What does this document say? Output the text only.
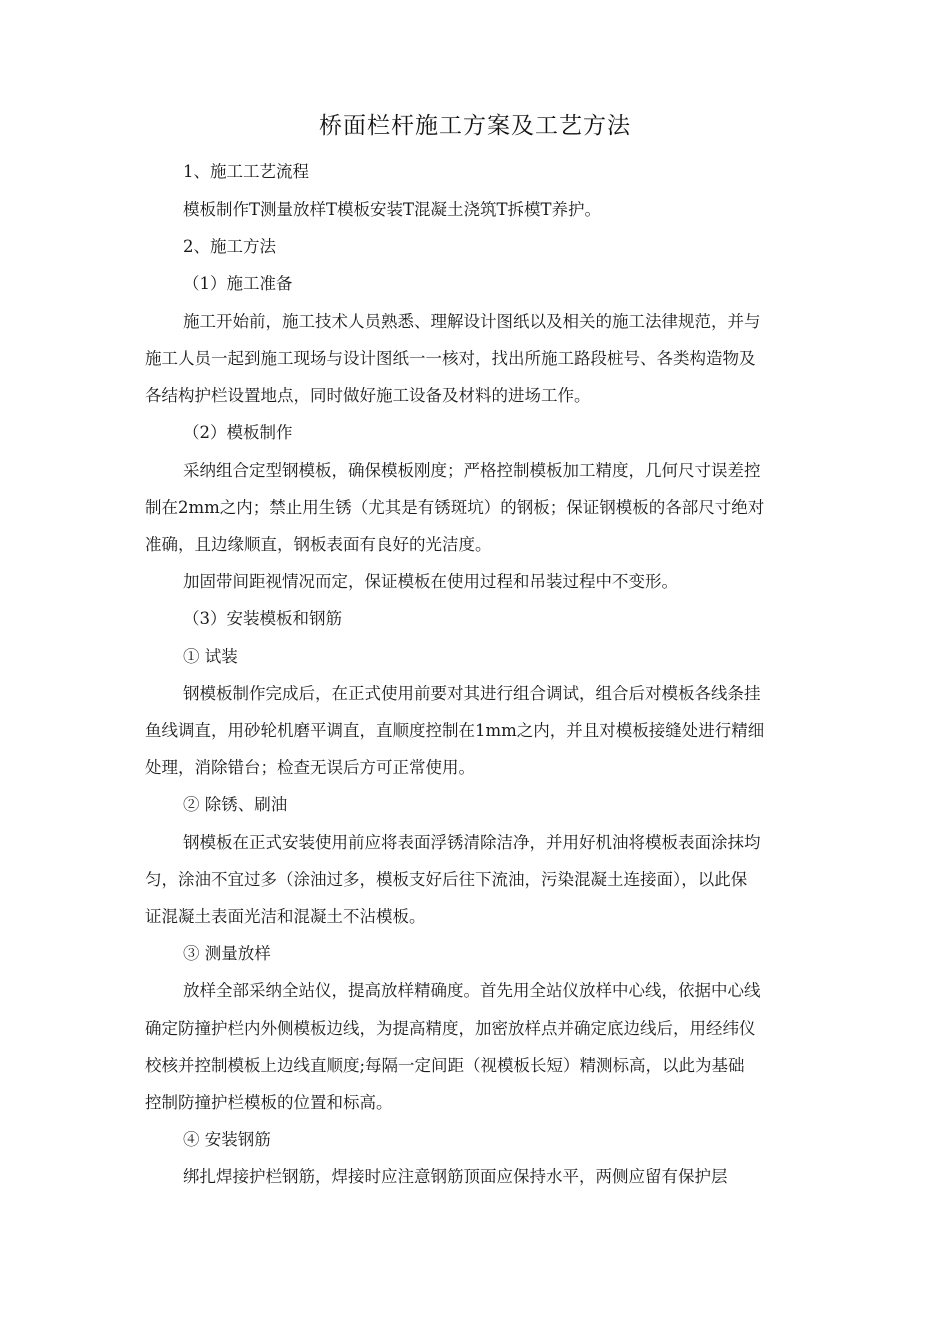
桥面栏杆施工方案及工艺方法
1、施工工艺流程
模板制作T测量放样T模板安装T混凝土浇筑T拆模T养护。
2、施工方法
（1）施工准备
施工开始前，施工技术人员熟悉、理解设计图纸以及相关的施工法律规范，并与
施工人员一起到施工现场与设计图纸一一核对，找出所施工路段桩号、各类构造物及
各结构护栏设置地点，同时做好施工设备及材料的进场工作。
（2）模板制作
采纳组合定型钢模板，确保模板刚度；严格控制模板加工精度，几何尺寸误差控
制在2mm之内；禁止用生锈（尤其是有锈斑坑）的钢板；保证钢模板的各部尺寸绝对
准确，且边缘顺直，钢板表面有良好的光洁度。
加固带间距视情况而定，保证模板在使用过程和吊装过程中不变形。
（3）安装模板和钢筋
① 试装
钢模板制作完成后，在正式使用前要对其进行组合调试，组合后对模板各线条挂
鱼线调直，用砂轮机磨平调直，直顺度控制在1mm之内，并且对模板接缝处进行精细
处理，消除错台；检查无误后方可正常使用。
② 除锈、刷油
钢模板在正式安装使用前应将表面浮锈清除洁净，并用好机油将模板表面涂抹均
匀，涂油不宜过多（涂油过多，模板支好后往下流油，污染混凝土连接面），以此保
证混凝土表面光洁和混凝土不沾模板。
③ 测量放样
放样全部采纳全站仪，提高放样精确度。首先用全站仪放样中心线，依据中心线
确定防撞护栏内外侧模板边线，为提高精度，加密放样点并确定底边线后，用经纬仪
校核并控制模板上边线直顺度;每隔一定间距（视模板长短）精测标高，以此为基础
控制防撞护栏模板的位置和标高。
④ 安装钢筋
绑扎焊接护栏钢筋，焊接时应注意钢筋顶面应保持水平，两侧应留有保护层
